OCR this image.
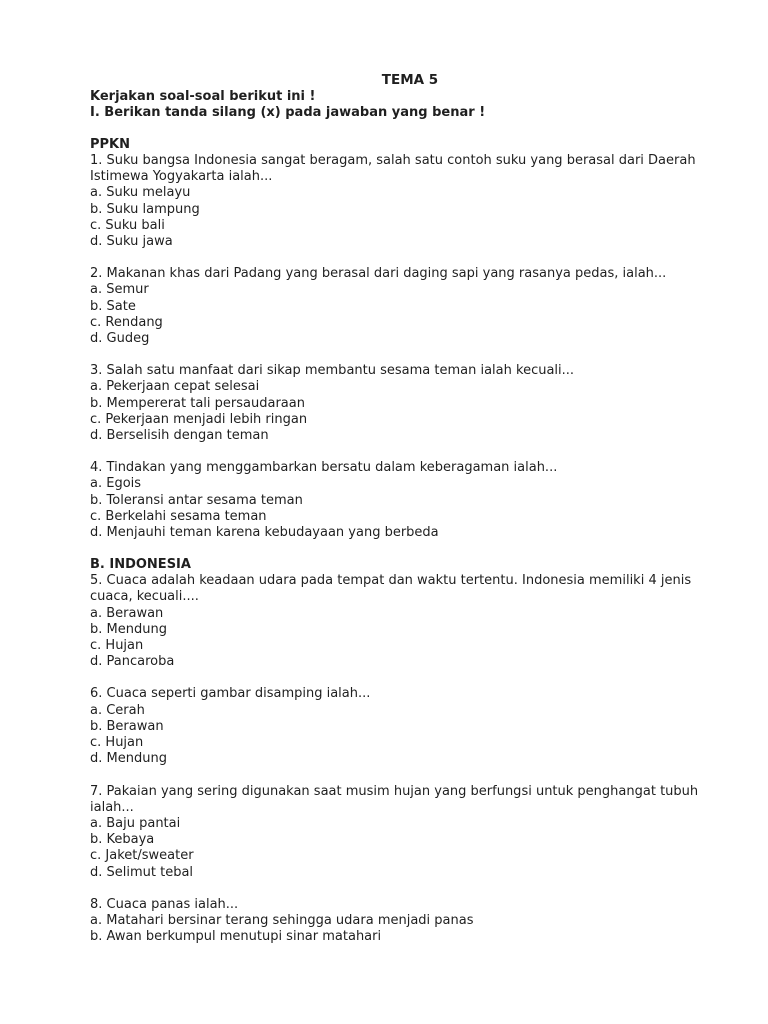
TEMA 5
Kerjakan soal-soal berikut ini !
I. Berikan tanda silang (x) pada jawaban yang benar !
PPKN
1. Suku bangsa Indonesia sangat beragam, salah satu contoh suku yang berasal dari Daerah Istimewa Yogyakarta ialah...
a. Suku melayu
b. Suku lampung
c. Suku bali
d. Suku jawa
2. Makanan khas dari Padang yang berasal dari daging sapi yang rasanya pedas, ialah...
a. Semur
b. Sate
c. Rendang
d. Gudeg
3. Salah satu manfaat dari sikap membantu sesama teman ialah kecuali...
a. Pekerjaan cepat selesai
b. Mempererat tali persaudaraan
c. Pekerjaan menjadi lebih ringan
d. Berselisih dengan teman
4. Tindakan yang menggambarkan bersatu dalam keberagaman ialah...
a. Egois
b. Toleransi antar sesama teman
c. Berkelahi sesama teman
d. Menjauhi teman karena kebudayaan yang berbeda
B. INDONESIA
5. Cuaca adalah keadaan udara pada tempat dan waktu tertentu. Indonesia memiliki 4 jenis cuaca, kecuali....
a. Berawan
b. Mendung
c. Hujan
d. Pancaroba
6. Cuaca seperti gambar disamping ialah...
a. Cerah
b. Berawan
c. Hujan
d. Mendung
7. Pakaian yang sering digunakan saat musim hujan yang berfungsi untuk penghangat tubuh ialah...
a. Baju pantai
b. Kebaya
c. Jaket/sweater
d. Selimut tebal
8. Cuaca panas ialah...
a. Matahari bersinar terang sehingga udara menjadi panas
b. Awan berkumpul menutupi sinar matahari
